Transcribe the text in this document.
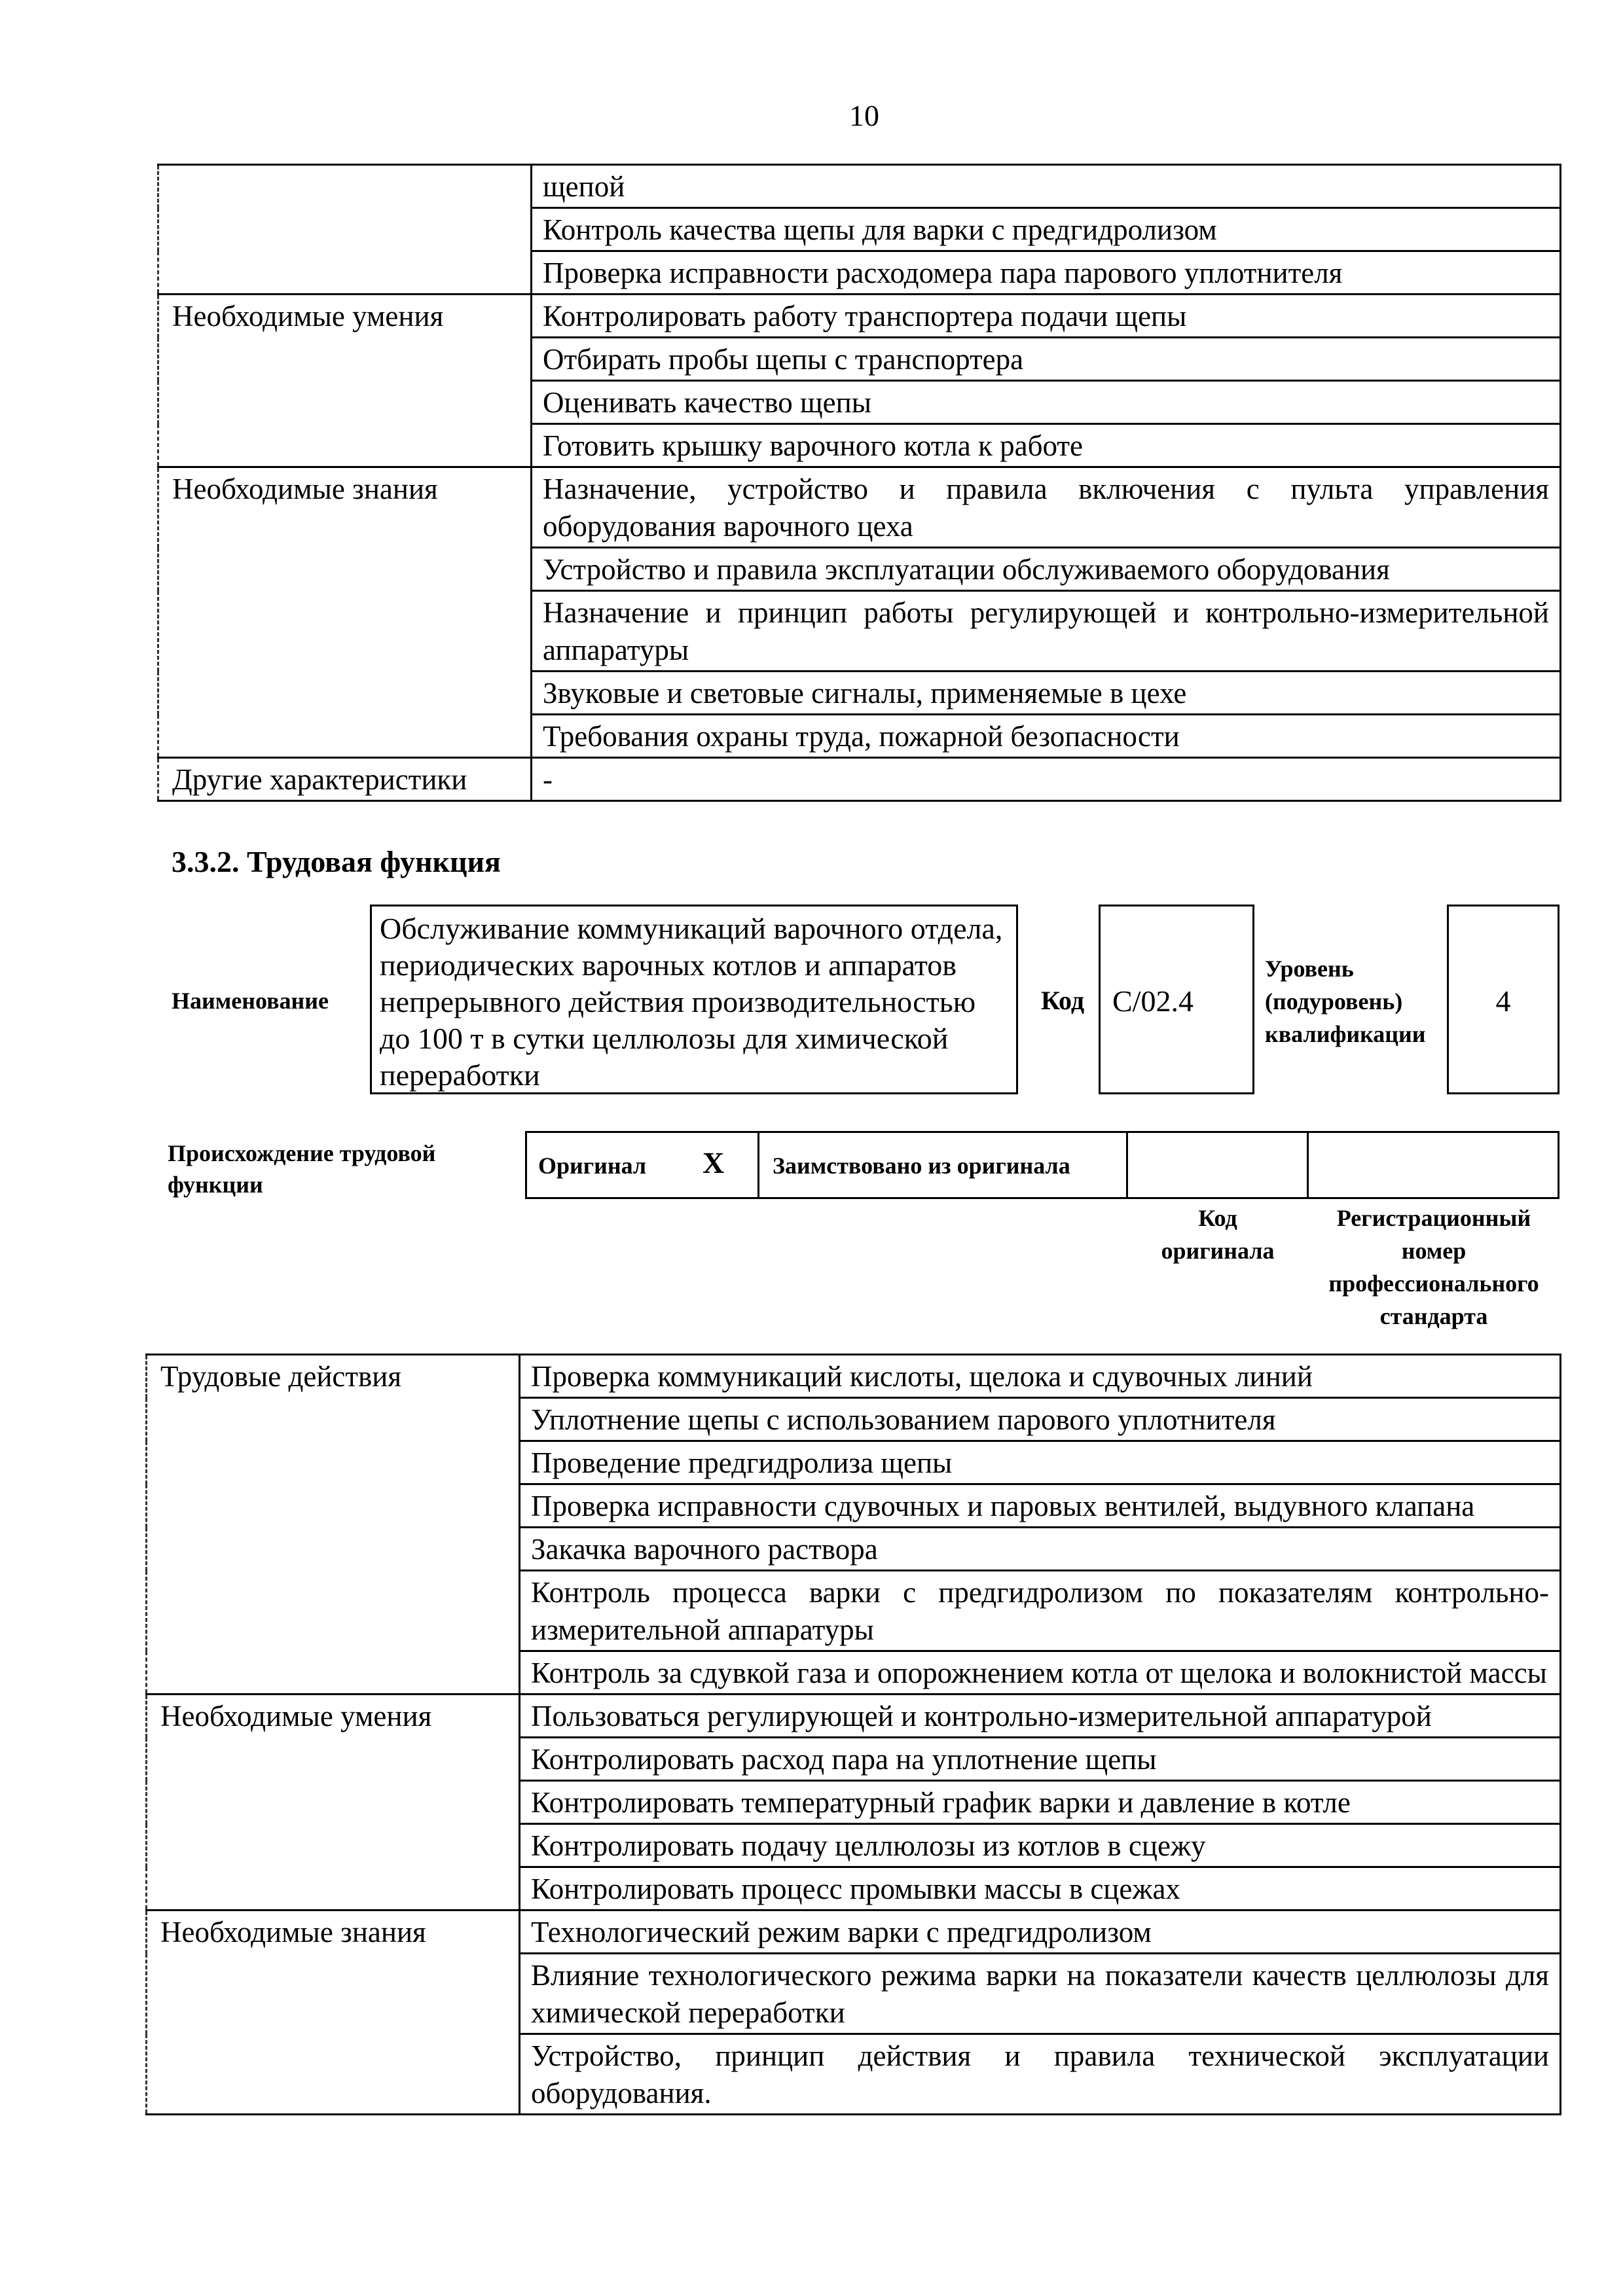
10
	щепой
	Контроль качества щепы для варки с предгидролизом
	Проверка исправности расходомера пара парового уплотнителя
Необходимые умения	Контролировать работу транспортера подачи щепы
	Отбирать пробы щепы с транспортера
	Оценивать качество щепы
	Готовить крышку варочного котла к работе
Необходимые знания	Назначение, устройство и правила включения с пульта управления оборудования варочного цеха
	Устройство и правила эксплуатации обслуживаемого оборудования
	Назначение и принцип работы регулирующей и контрольно-измерительной аппаратуры
	Звуковые и световые сигналы, применяемые в цехе
	Требования охраны труда, пожарной безопасности
Другие характеристики	-
3.3.2. Трудовая функция
Наименование
Обслуживание коммуникаций варочного отдела, периодических варочных котлов и аппаратов непрерывного действия производительностью до 100 т в сутки целлюлозы для химической переработки
Код C/02.4
Уровень (подуровень) квалификации
4
Происхождение трудовой функции
Оригинал X Заимствовано из оригинала
Код оригинала
Регистрационный номер профессионального стандарта
Трудовые действия	Проверка коммуникаций кислоты, щелока и сдувочных линий
	Уплотнение щепы с использованием парового уплотнителя
	Проведение предгидролиза щепы
	Проверка исправности сдувочных и паровых вентилей, выдувного клапана
	Закачка варочного раствора
	Контроль процесса варки с предгидролизом по показателям контрольно-измерительной аппаратуры
	Контроль за сдувкой газа и опорожнением котла от щелока и волокнистой массы
Необходимые умения	Пользоваться регулирующей и контрольно-измерительной аппаратурой
	Контролировать расход пара на уплотнение щепы
	Контролировать температурный график варки и давление в котле
	Контролировать подачу целлюлозы из котлов в сцежу
	Контролировать процесс промывки массы в сцежах
Необходимые знания	Технологический режим варки с предгидролизом
	Влияние технологического режима варки на показатели качеств целлюлозы для химической переработки
	Устройство, принцип действия и правила технической эксплуатации оборудования.
